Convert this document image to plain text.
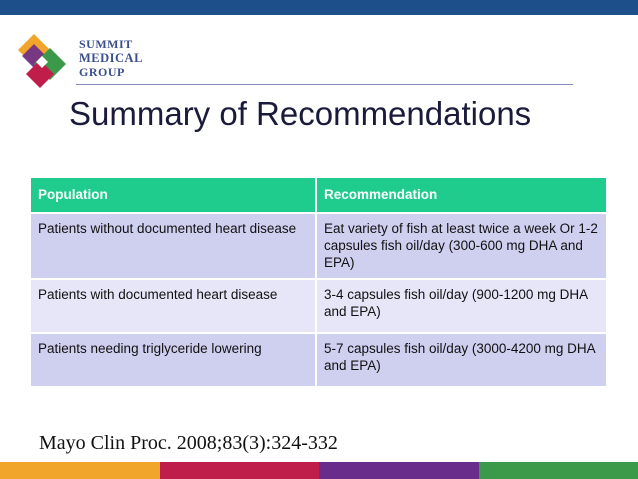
SUMMIT
MEDICAL
GROUP
Summary of Recommendations
Population	Recommendation
Patients without documented heart disease	Eat variety of fish at least twice a week Or 1-2 capsules fish oil/day (300-600 mg DHA and EPA)
Patients with documented heart disease	3-4 capsules fish oil/day (900-1200 mg DHA and EPA)
Patients needing triglyceride lowering	5-7 capsules fish oil/day (3000-4200 mg DHA and EPA)
Mayo Clin Proc. 2008;83(3):324-332
